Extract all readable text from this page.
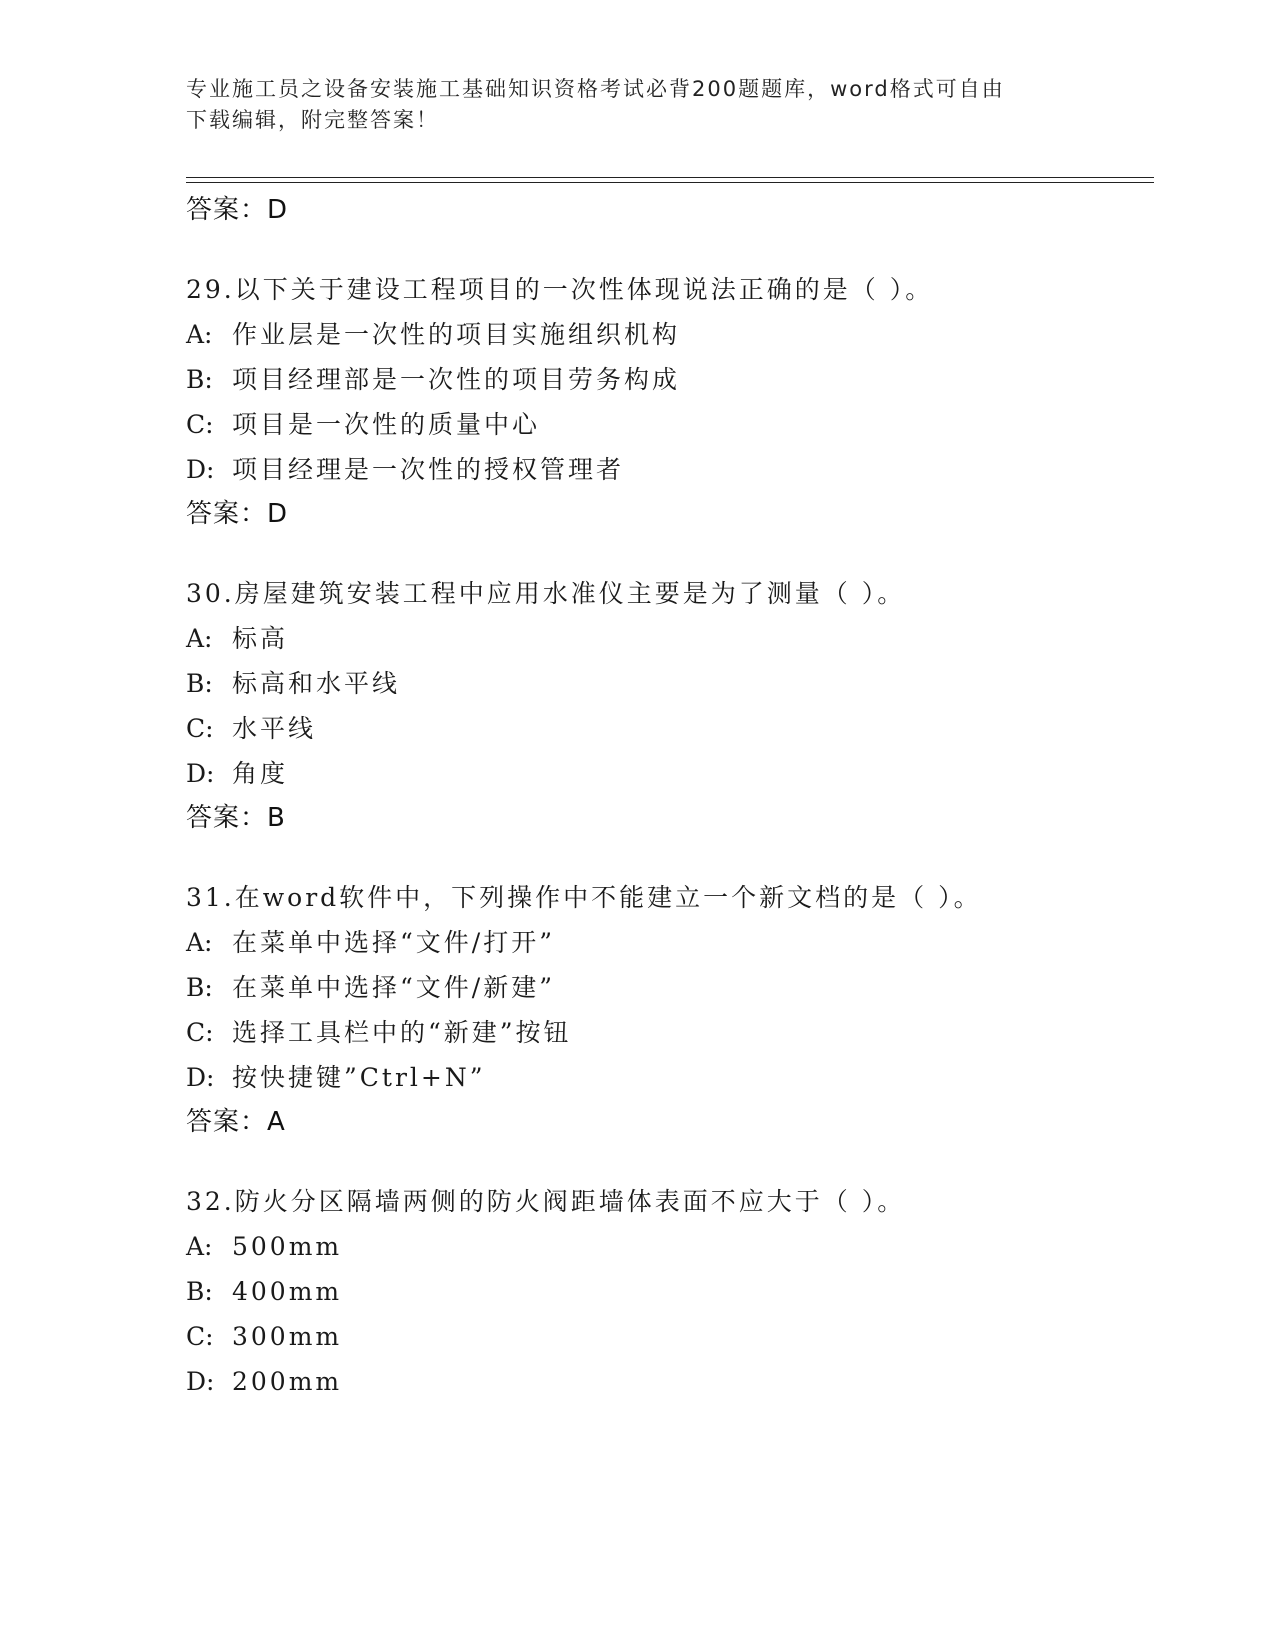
专业施工员之设备安装施工基础知识资格考试必背200题题库，word格式可自由
下载编辑，附完整答案！
答案：D
29.以下关于建设工程项目的一次性体现说法正确的是（ ）。
A: 作业层是一次性的项目实施组织机构
B: 项目经理部是一次性的项目劳务构成
C: 项目是一次性的质量中心
D: 项目经理是一次性的授权管理者
答案：D
30.房屋建筑安装工程中应用水准仪主要是为了测量（ ）。
A: 标高
B: 标高和水平线
C: 水平线
D: 角度
答案：B
31.在word软件中，下列操作中不能建立一个新文档的是（ ）。
A: 在菜单中选择“文件/打开”
B: 在菜单中选择“文件/新建”
C: 选择工具栏中的“新建”按钮
D: 按快捷键”Ctrl+N”
答案：A
32.防火分区隔墙两侧的防火阀距墙体表面不应大于（ ）。
A: 500mm
B: 400mm
C: 300mm
D: 200mm
